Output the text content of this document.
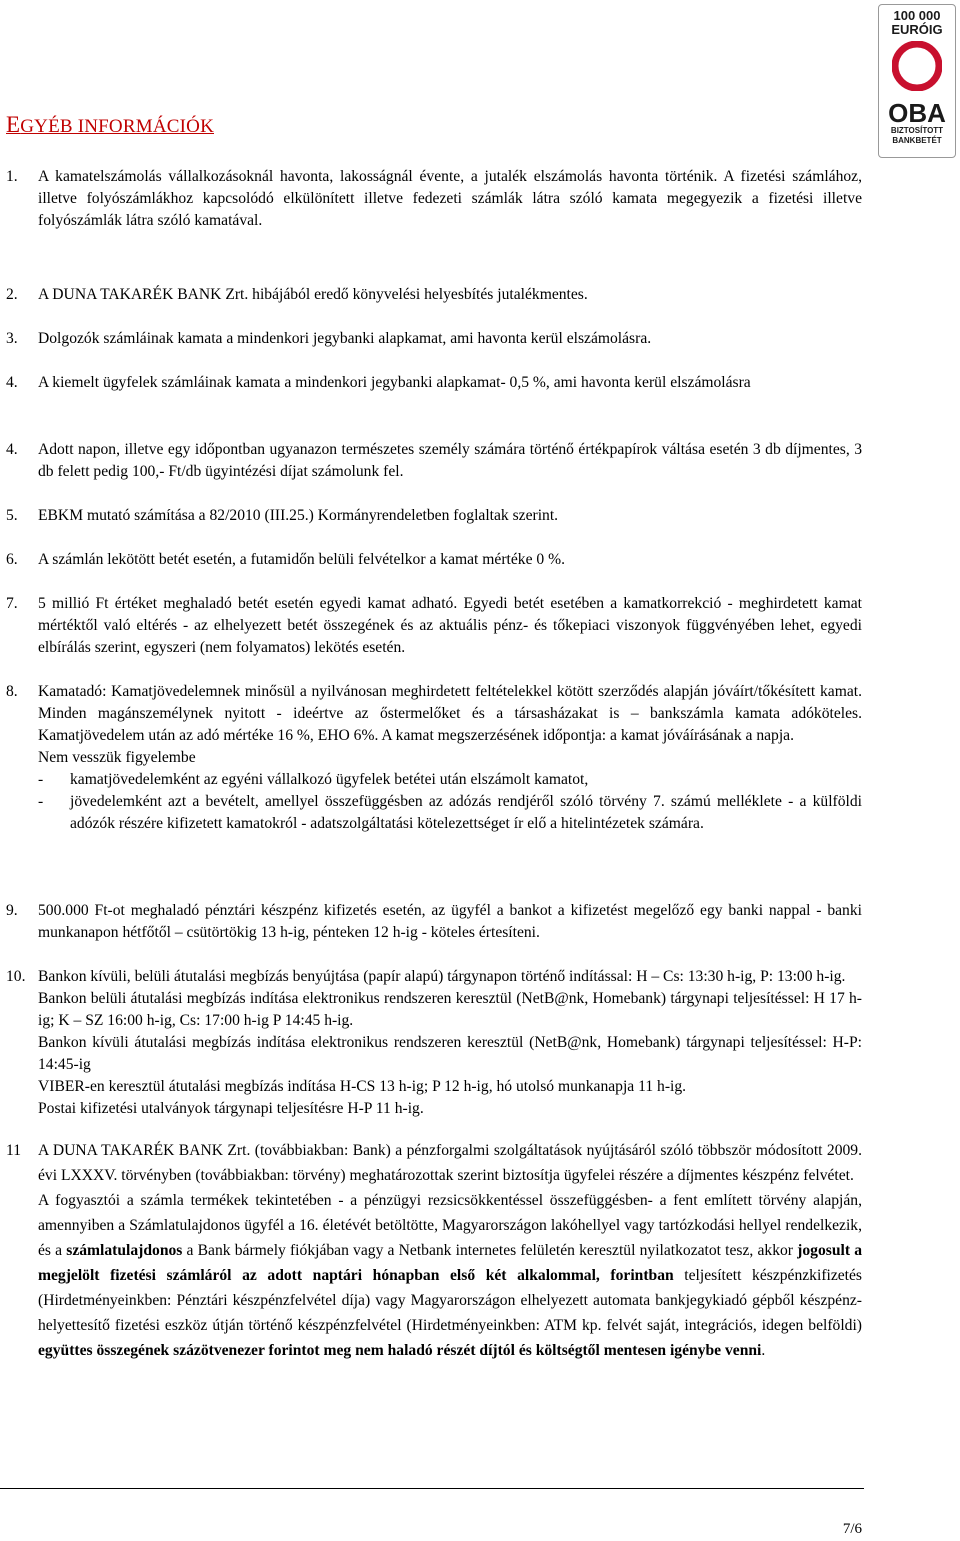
100 000
EURÓIG
OBA
BIZTOSÍTOTT
BANKBETÉT
EGYÉB INFORMÁCIÓK
1. A kamatelszámolás vállalkozásoknál havonta, lakosságnál évente, a jutalék elszámolás havonta történik. A fizetési számlához, illetve folyószámlákhoz kapcsolódó elkülönített illetve fedezeti számlák látra szóló kamata megegyezik a fizetési illetve folyószámlák látra szóló kamatával.
2. A DUNA TAKARÉK BANK Zrt. hibájából eredő könyvelési helyesbítés jutalékmentes.
3. Dolgozók számláinak kamata a mindenkori jegybanki alapkamat, ami havonta kerül elszámolásra.
4. A kiemelt ügyfelek számláinak kamata a mindenkori jegybanki alapkamat- 0,5 %, ami havonta kerül elszámolásra
4. Adott napon, illetve egy időpontban ugyanazon természetes személy számára történő értékpapírok váltása esetén 3 db díjmentes, 3 db felett pedig 100,- Ft/db ügyintézési díjat számolunk fel.
5. EBKM mutató számítása a 82/2010 (III.25.) Kormányrendeletben foglaltak szerint.
6. A számlán lekötött betét esetén, a futamidőn belüli felvételkor a kamat mértéke 0 %.
7. 5 millió Ft értéket meghaladó betét esetén egyedi kamat adható. Egyedi betét esetében a kamatkorrekció - meghirdetett kamat mértéktől való eltérés - az elhelyezett betét összegének és az aktuális pénz- és tőkepiaci viszonyok függvényében lehet, egyedi elbírálás szerint, egyszeri (nem folyamatos) lekötés esetén.
8. Kamatadó: Kamatjövedelemnek minősül a nyilvánosan meghirdetett feltételekkel kötött szerződés alapján jóváírt/tőkésített kamat. Minden magánszemélynek nyitott - ideértve az őstermelőket és a társasházakat is – bankszámla kamata adóköteles. Kamatjövedelem után az adó mértéke 16 %, EHO 6%. A kamat megszerzésének időpontja: a kamat jóváírásának a napja.
Nem vesszük figyelembe
- kamatjövedelemként az egyéni vállalkozó ügyfelek betétei után elszámolt kamatot,
- jövedelemként azt a bevételt, amellyel összefüggésben az adózás rendjéről szóló törvény 7. számú melléklete - a külföldi adózók részére kifizetett kamatokról - adatszolgáltatási kötelezettséget ír elő a hitelintézetek számára.
9. 500.000 Ft-ot meghaladó pénztári készpénz kifizetés esetén, az ügyfél a bankot a kifizetést megelőző egy banki nappal - banki munkanapon hétfőtől – csütörtökig 13 h-ig, pénteken 12 h-ig - köteles értesíteni.
10. Bankon kívüli, belüli átutalási megbízás benyújtása (papír alapú) tárgynapon történő indítással: H – Cs: 13:30 h-ig, P: 13:00 h-ig.
Bankon belüli átutalási megbízás indítása elektronikus rendszeren keresztül (NetB@nk, Homebank) tárgynapi teljesítéssel: H 17 h-ig; K – SZ 16:00 h-ig, Cs: 17:00 h-ig P 14:45 h-ig.
Bankon kívüli átutalási megbízás indítása elektronikus rendszeren keresztül (NetB@nk, Homebank) tárgynapi teljesítéssel: H-P: 14:45-ig
VIBER-en keresztül átutalási megbízás indítása H-CS 13 h-ig; P 12 h-ig, hó utolsó munkanapja 11 h-ig.
Postai kifizetési utalványok tárgynapi teljesítésre H-P 11 h-ig.
11 A DUNA TAKARÉK BANK Zrt. (továbbiakban: Bank) a pénzforgalmi szolgáltatások nyújtásáról szóló többször módosított 2009. évi LXXXV. törvényben (továbbiakban: törvény) meghatározottak szerint biztosítja ügyfelei részére a díjmentes készpénz felvétet.
A fogyasztói a számla termékek tekintetében - a pénzügyi rezsicsökkentéssel összefüggésben- a fent említett törvény alapján, amennyiben a Számlatulajdonos ügyfél a 16. életévét betöltötte, Magyarországon lakóhellyel vagy tartózkodási hellyel rendelkezik, és a számlatulajdonos a Bank bármely fiókjában vagy a Netbank internetes felületén keresztül nyilatkozatot tesz, akkor jogosult a megjelölt fizetési számláról az adott naptári hónapban első két alkalommal, forintban teljesített készpénzkifizetés (Hirdetményeinkben: Pénztári készpénzfelvétel díja) vagy Magyarországon elhelyezett automata bankjegykiadó gépből készpénz-helyettesítő fizetési eszköz útján történő készpénzfelvétel (Hirdetményeinkben: ATM kp. felvét saját, integrációs, idegen belföldi) együttes összegének százötvenezer forintot meg nem haladó részét díjtól és költségtől mentesen igénybe venni.
7/6
